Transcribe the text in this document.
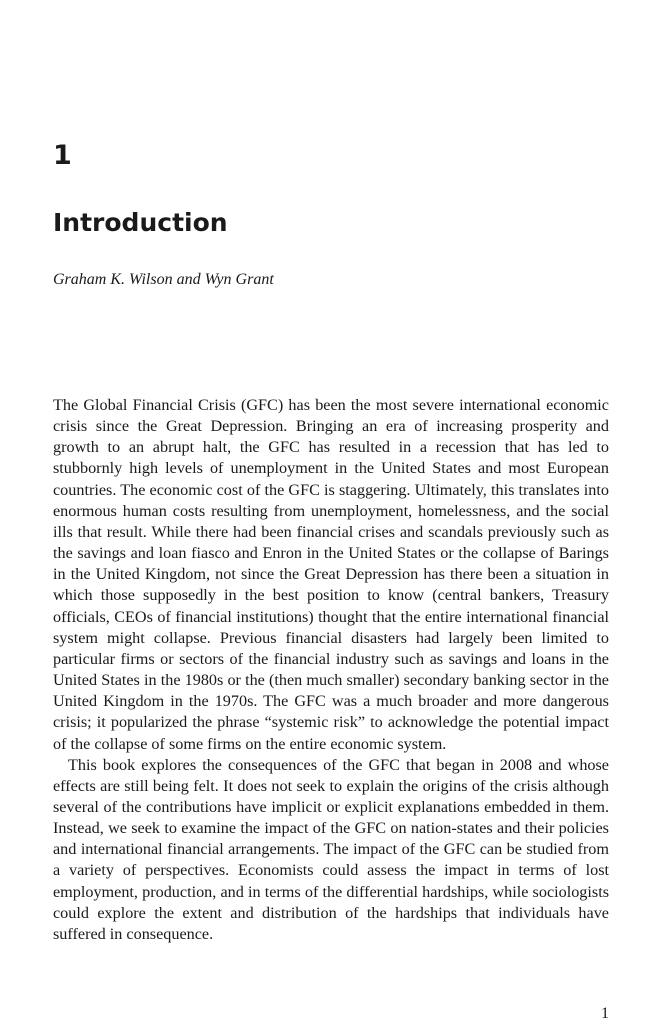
1
Introduction

Graham K. Wilson and Wyn Grant

The Global Financial Crisis (GFC) has been the most severe international economic crisis since the Great Depression. Bringing an era of increasing prosperity and growth to an abrupt halt, the GFC has resulted in a recession that has led to stubbornly high levels of unemployment in the United States and most European countries. The economic cost of the GFC is staggering. Ultimately, this translates into enormous human costs resulting from unemployment, homelessness, and the social ills that result. While there had been financial crises and scandals previously such as the savings and loan fiasco and Enron in the United States or the collapse of Barings in the United Kingdom, not since the Great Depression has there been a situation in which those supposedly in the best position to know (central bankers, Treasury officials, CEOs of financial institutions) thought that the entire international financial system might collapse. Previous financial disasters had largely been limited to particular firms or sectors of the financial industry such as savings and loans in the United States in the 1980s or the (then much smaller) secondary banking sector in the United Kingdom in the 1970s. The GFC was a much broader and more dangerous crisis; it popularized the phrase “systemic risk” to acknowledge the potential impact of the collapse of some firms on the entire economic system.

This book explores the consequences of the GFC that began in 2008 and whose effects are still being felt. It does not seek to explain the origins of the crisis although several of the contributions have implicit or explicit explanations embedded in them. Instead, we seek to examine the impact of the GFC on nation-states and their policies and international financial arrangements. The impact of the GFC can be studied from a variety of perspectives. Economists could assess the impact in terms of lost employment, production, and in terms of the differential hardships, while sociologists could explore the extent and distribution of the hardships that individuals have suffered in consequence.

1
